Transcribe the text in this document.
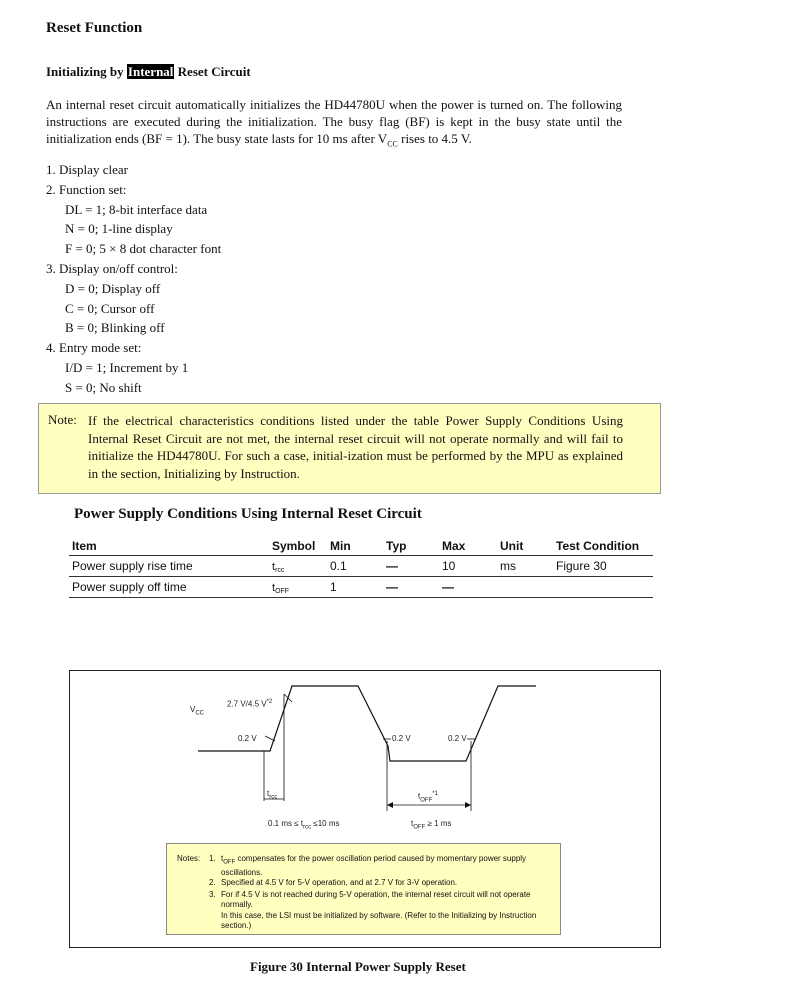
Reset Function
Initializing by Internal Reset Circuit

An internal reset circuit automatically initializes the HD44780U when the power is turned on. The following instructions are executed during the initialization. The busy flag (BF) is kept in the busy state until the initialization ends (BF = 1). The busy state lasts for 10 ms after $V_{CC}$ rises to 4.5 V.

1. Display clear
2. Function set:
DL = 1; 8-bit interface data
N = 0; 1-line display
F = 0; 5 × 8 dot character font
3. Display on/off control:
D = 0; Display off
C = 0; Cursor off
B = 0; Blinking off
4. Entry mode set:
I/D = 1; Increment by 1
S = 0; No shift
Note: If the electrical characteristics conditions listed under the table Power Supply Conditions Using Internal Reset Circuit are not met, the internal reset circuit will not operate normally and will fail to initialize the HD44780U. For such a case, initial-ization must be performed by the MPU as explained in the section, Initializing by Instruction.

Power Supply Conditions Using Internal Reset Circuit
Item	Symbol	Min	Typ	Max	Unit	Test Condition
Power supply rise time	trcc	0.1	—	10	ms	Figure 30
Power supply off time	tOFF	1	—	—		
$V_{CC}$
2.7 V/4.5 $V^{*2}$
0.2 V	0.2 V	0.2 V
$t_{rcc}$	$t_{OFF}^{*1}$
0.1 ms ≤ $t_{rcc} \le 10$ ms	$t_{OFF} \ge 1$ ms
Notes: 1. $t_{OFF}$ compensates for the power oscillation period caused by momentary power supply oscillations.
2. Specified at 4.5 V for 5-V operation, and at 2.7 V for 3-V operation.
3. For if 4.5 V is not reached during 5-V operation, the internal reset circuit will not operate normally.
In this case, the LSI must be initialized by software. (Refer to the Initializing by Instruction section.)
Figure 30 Internal Power Supply Reset
